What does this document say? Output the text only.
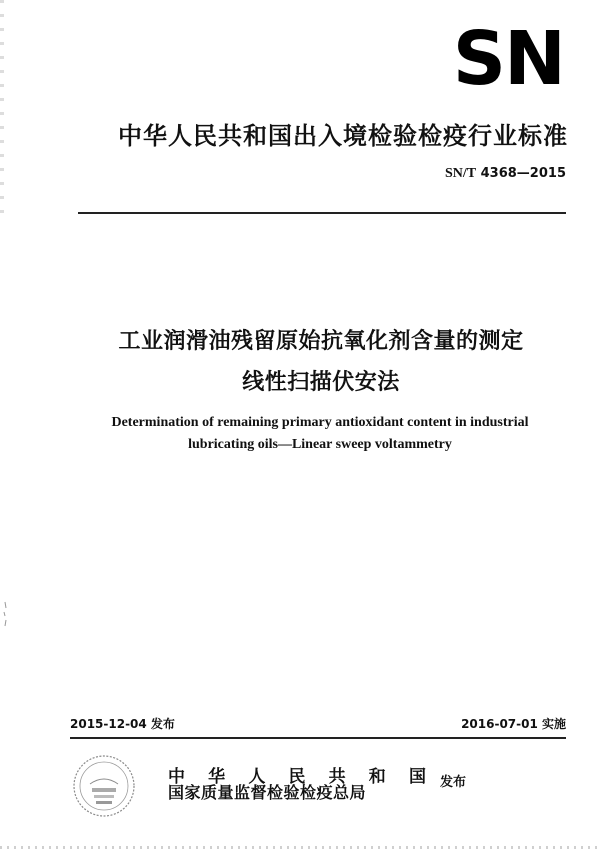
SN
中华人民共和国出入境检验检疫行业标准
SN/T 4368—2015
工业润滑油残留原始抗氧化剂含量的测定
线性扫描伏安法
Determination of remaining primary antioxidant content in industrial
lubricating oils—Linear sweep voltammetry
2015-12-04 发布	2016-07-01 实施
中 华 人 民 共 和 国
国家质量监督检验检疫总局
发布
